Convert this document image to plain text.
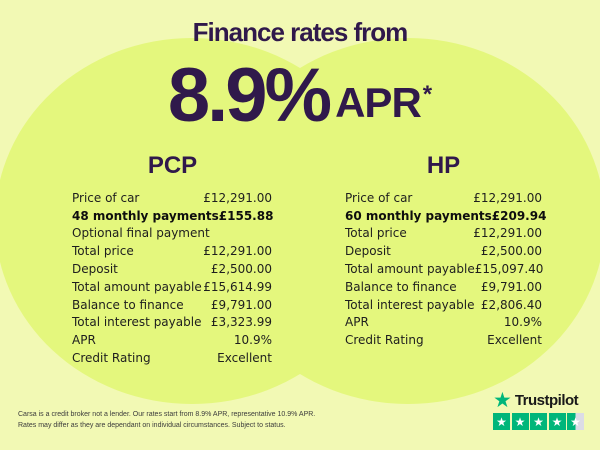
Finance rates from
8.9% APR *
PCP	HP
Price of car	£12,291.00
48 monthly payments £155.88
Optional final payment
Total price	£12,291.00
Deposit	£2,500.00
Total amount payable £15,614.99
Balance to finance £9,791.00
Total interest payable £3,323.99
APR	10.9%
Credit Rating	Excellent
Price of car	£12,291.00
60 monthly payments £209.94
Total price	£12,291.00
Deposit	£2,500.00
Total amount payable £15,097.40
Balance to finance £9,791.00
Total interest payable £2,806.40
APR	10.9%
Credit Rating	Excellent
Carsa is a credit broker not a lender. Our rates start from 8.9% APR, representative 10.9% APR.
Rates may differ as they are dependant on individual circumstances. Subject to status.
★ Trustpilot
★ ★ ★ ★ ★
